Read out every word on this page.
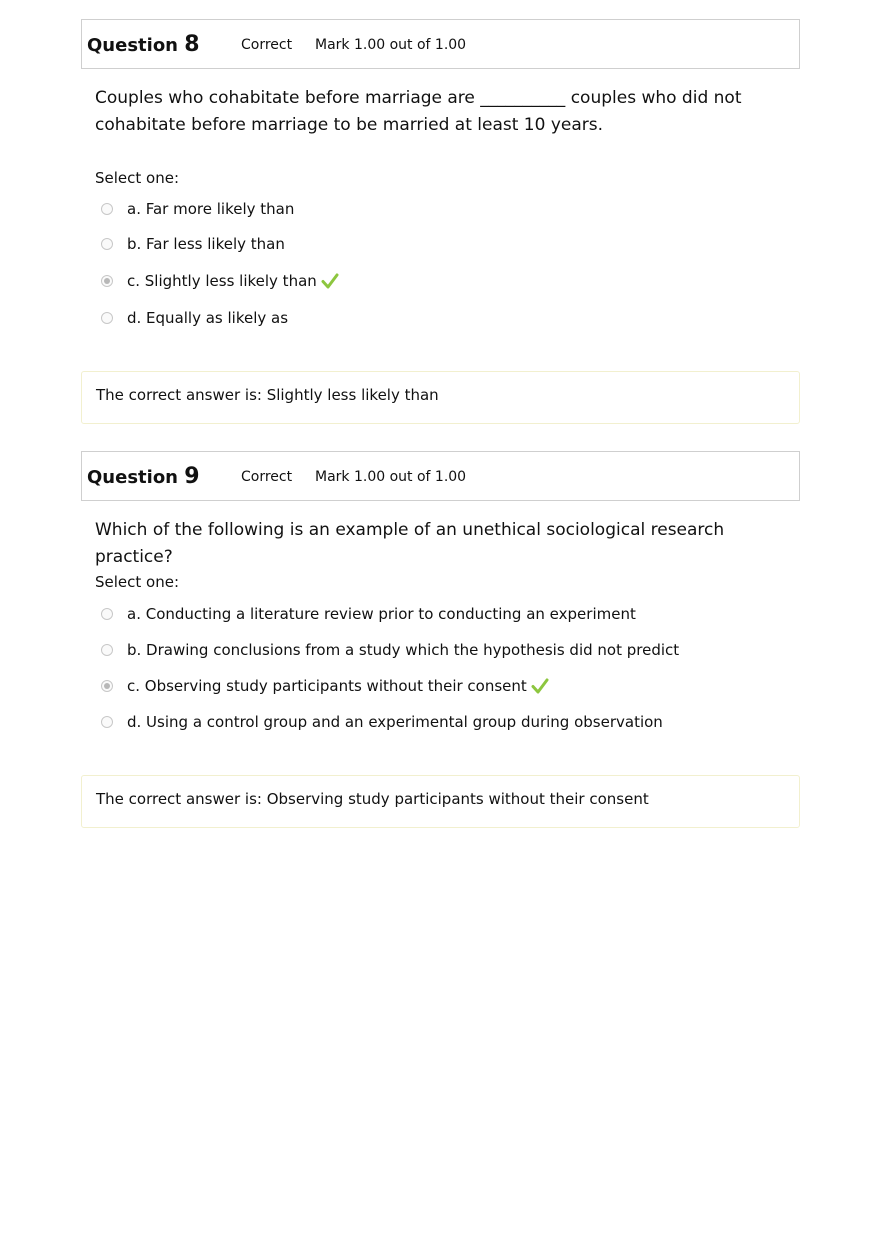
Question 8	Correct Mark 1.00 out of 1.00
Couples who cohabitate before marriage are __________ couples who did not cohabitate before marriage to be married at least 10 years.
Select one:
a. Far more likely than
b. Far less likely than
c. Slightly less likely than
d. Equally as likely as
The correct answer is: Slightly less likely than
Question 9	Correct Mark 1.00 out of 1.00
Which of the following is an example of an unethical sociological research practice?
Select one:
a. Conducting a literature review prior to conducting an experiment
b. Drawing conclusions from a study which the hypothesis did not predict
c. Observing study participants without their consent
d. Using a control group and an experimental group during observation
The correct answer is: Observing study participants without their consent
